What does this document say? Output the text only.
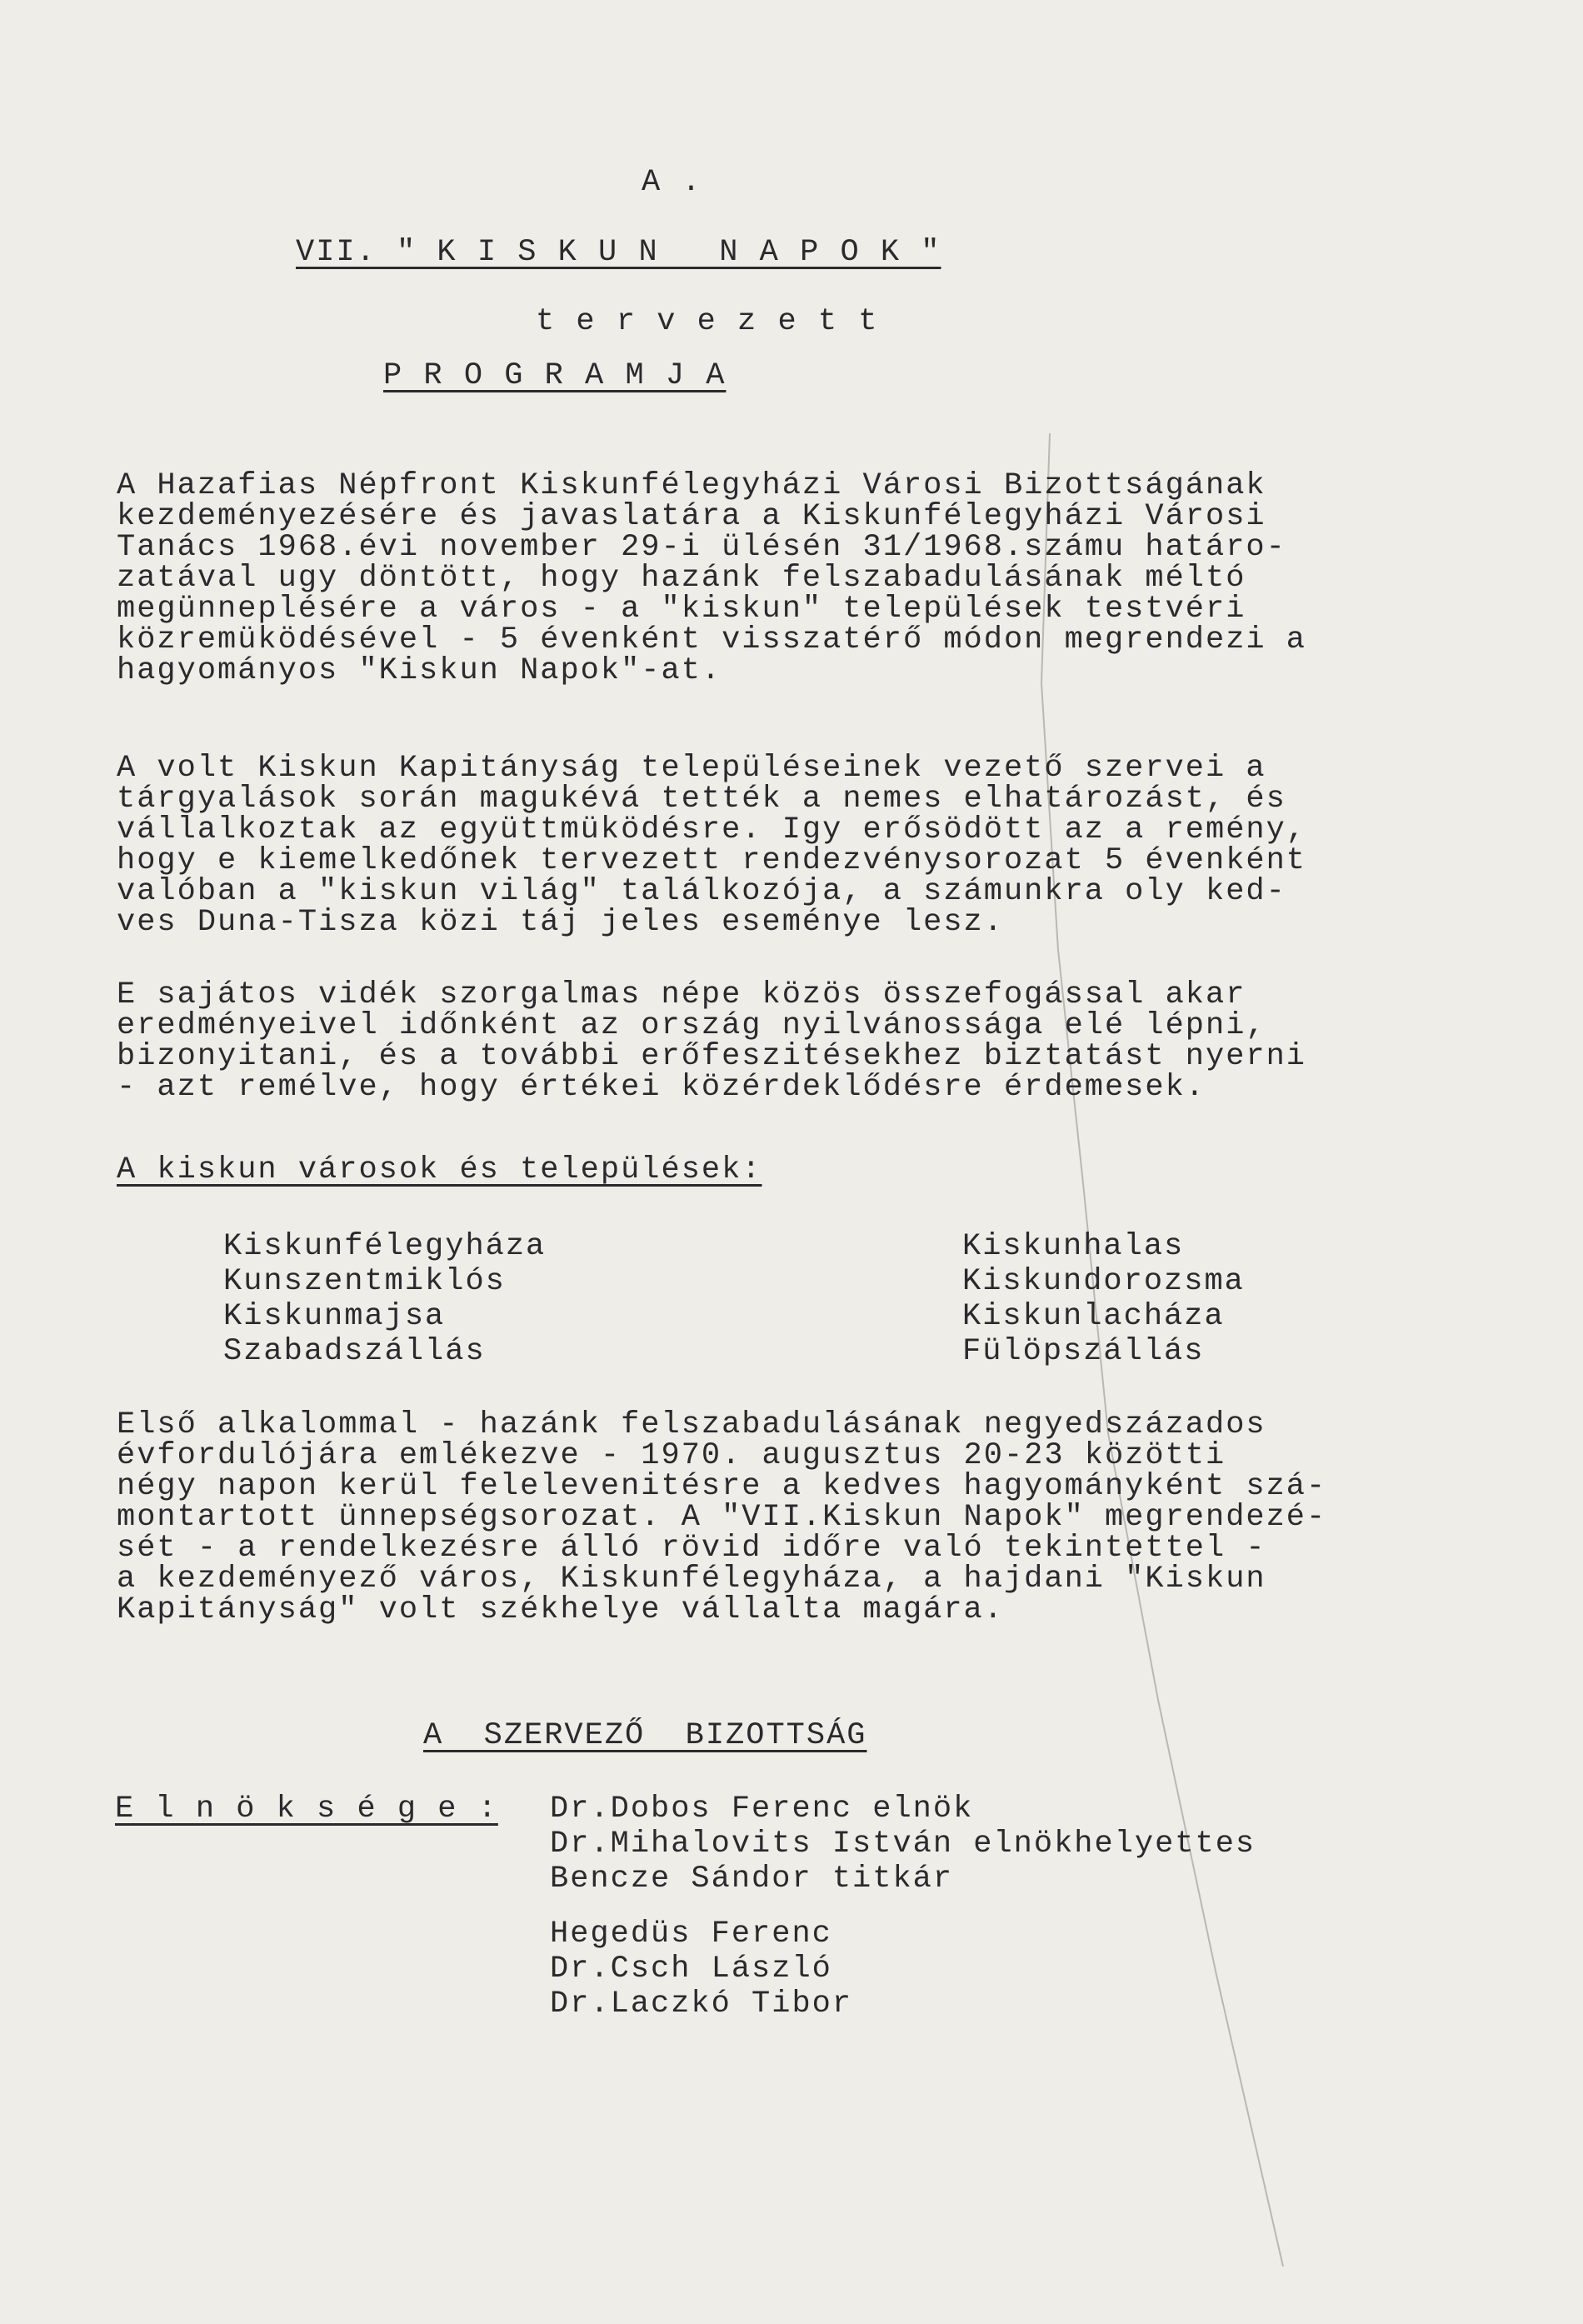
A .
VII. " K I S K U N   N A P O K "
t e r v e z e t t
P R O G R A M J A
A Hazafias Népfront Kiskunfélegyházi Városi Bizottságának
kezdeményezésére és javaslatára a Kiskunfélegyházi Városi
Tanács 1968.évi november 29-i ülésén 31/1968.számu határo-
zatával ugy döntött, hogy hazánk felszabadulásának méltó
megünneplésére a város - a "kiskun" települések testvéri
közremüködésével - 5 évenként visszatérő módon megrendezi a
hagyományos "Kiskun Napok"-at.
A volt Kiskun Kapitányság településeinek vezető szervei a
tárgyalások során magukévá tették a nemes elhatározást, és
vállalkoztak az együttmüködésre. Igy erősödött az a remény,
hogy e kiemelkedőnek tervezett rendezvénysorozat 5 évenként
valóban a "kiskun világ" találkozója, a számunkra oly ked-
ves Duna-Tisza közi táj jeles eseménye lesz.
E sajátos vidék szorgalmas népe közös összefogással akar
eredményeivel időnként az ország nyilvánossága elé lépni,
bizonyitani, és a további erőfeszitésekhez biztatást nyerni
- azt remélve, hogy értékei közérdeklődésre érdemesek.
A kiskun városok és települések:
Kiskunfélegyháza
Kunszentmiklós
Kiskunmajsa
Szabadszállás
Kiskunhalas
Kiskundorozsma
Kiskunlacháza
Fülöpszállás
Első alkalommal - hazánk felszabadulásának negyedszázados
évfordulójára emlékezve - 1970. augusztus 20-23 közötti
négy napon kerül felelevenitésre a kedves hagyományként szá-
montartott ünnepségsorozat. A "VII.Kiskun Napok" megrendezé-
sét - a rendelkezésre álló rövid időre való tekintettel -
a kezdeményező város, Kiskunfélegyháza, a hajdani "Kiskun
Kapitányság" volt székhelye vállalta magára.
A  SZERVEZŐ  BIZOTTSÁG
E l n ö k s é g e : Dr.Dobos Ferenc elnök
Dr.Mihalovits István elnökhelyettes
Bencze Sándor titkár
Hegedüs Ferenc
Dr.Csch László
Dr.Laczkó Tibor
